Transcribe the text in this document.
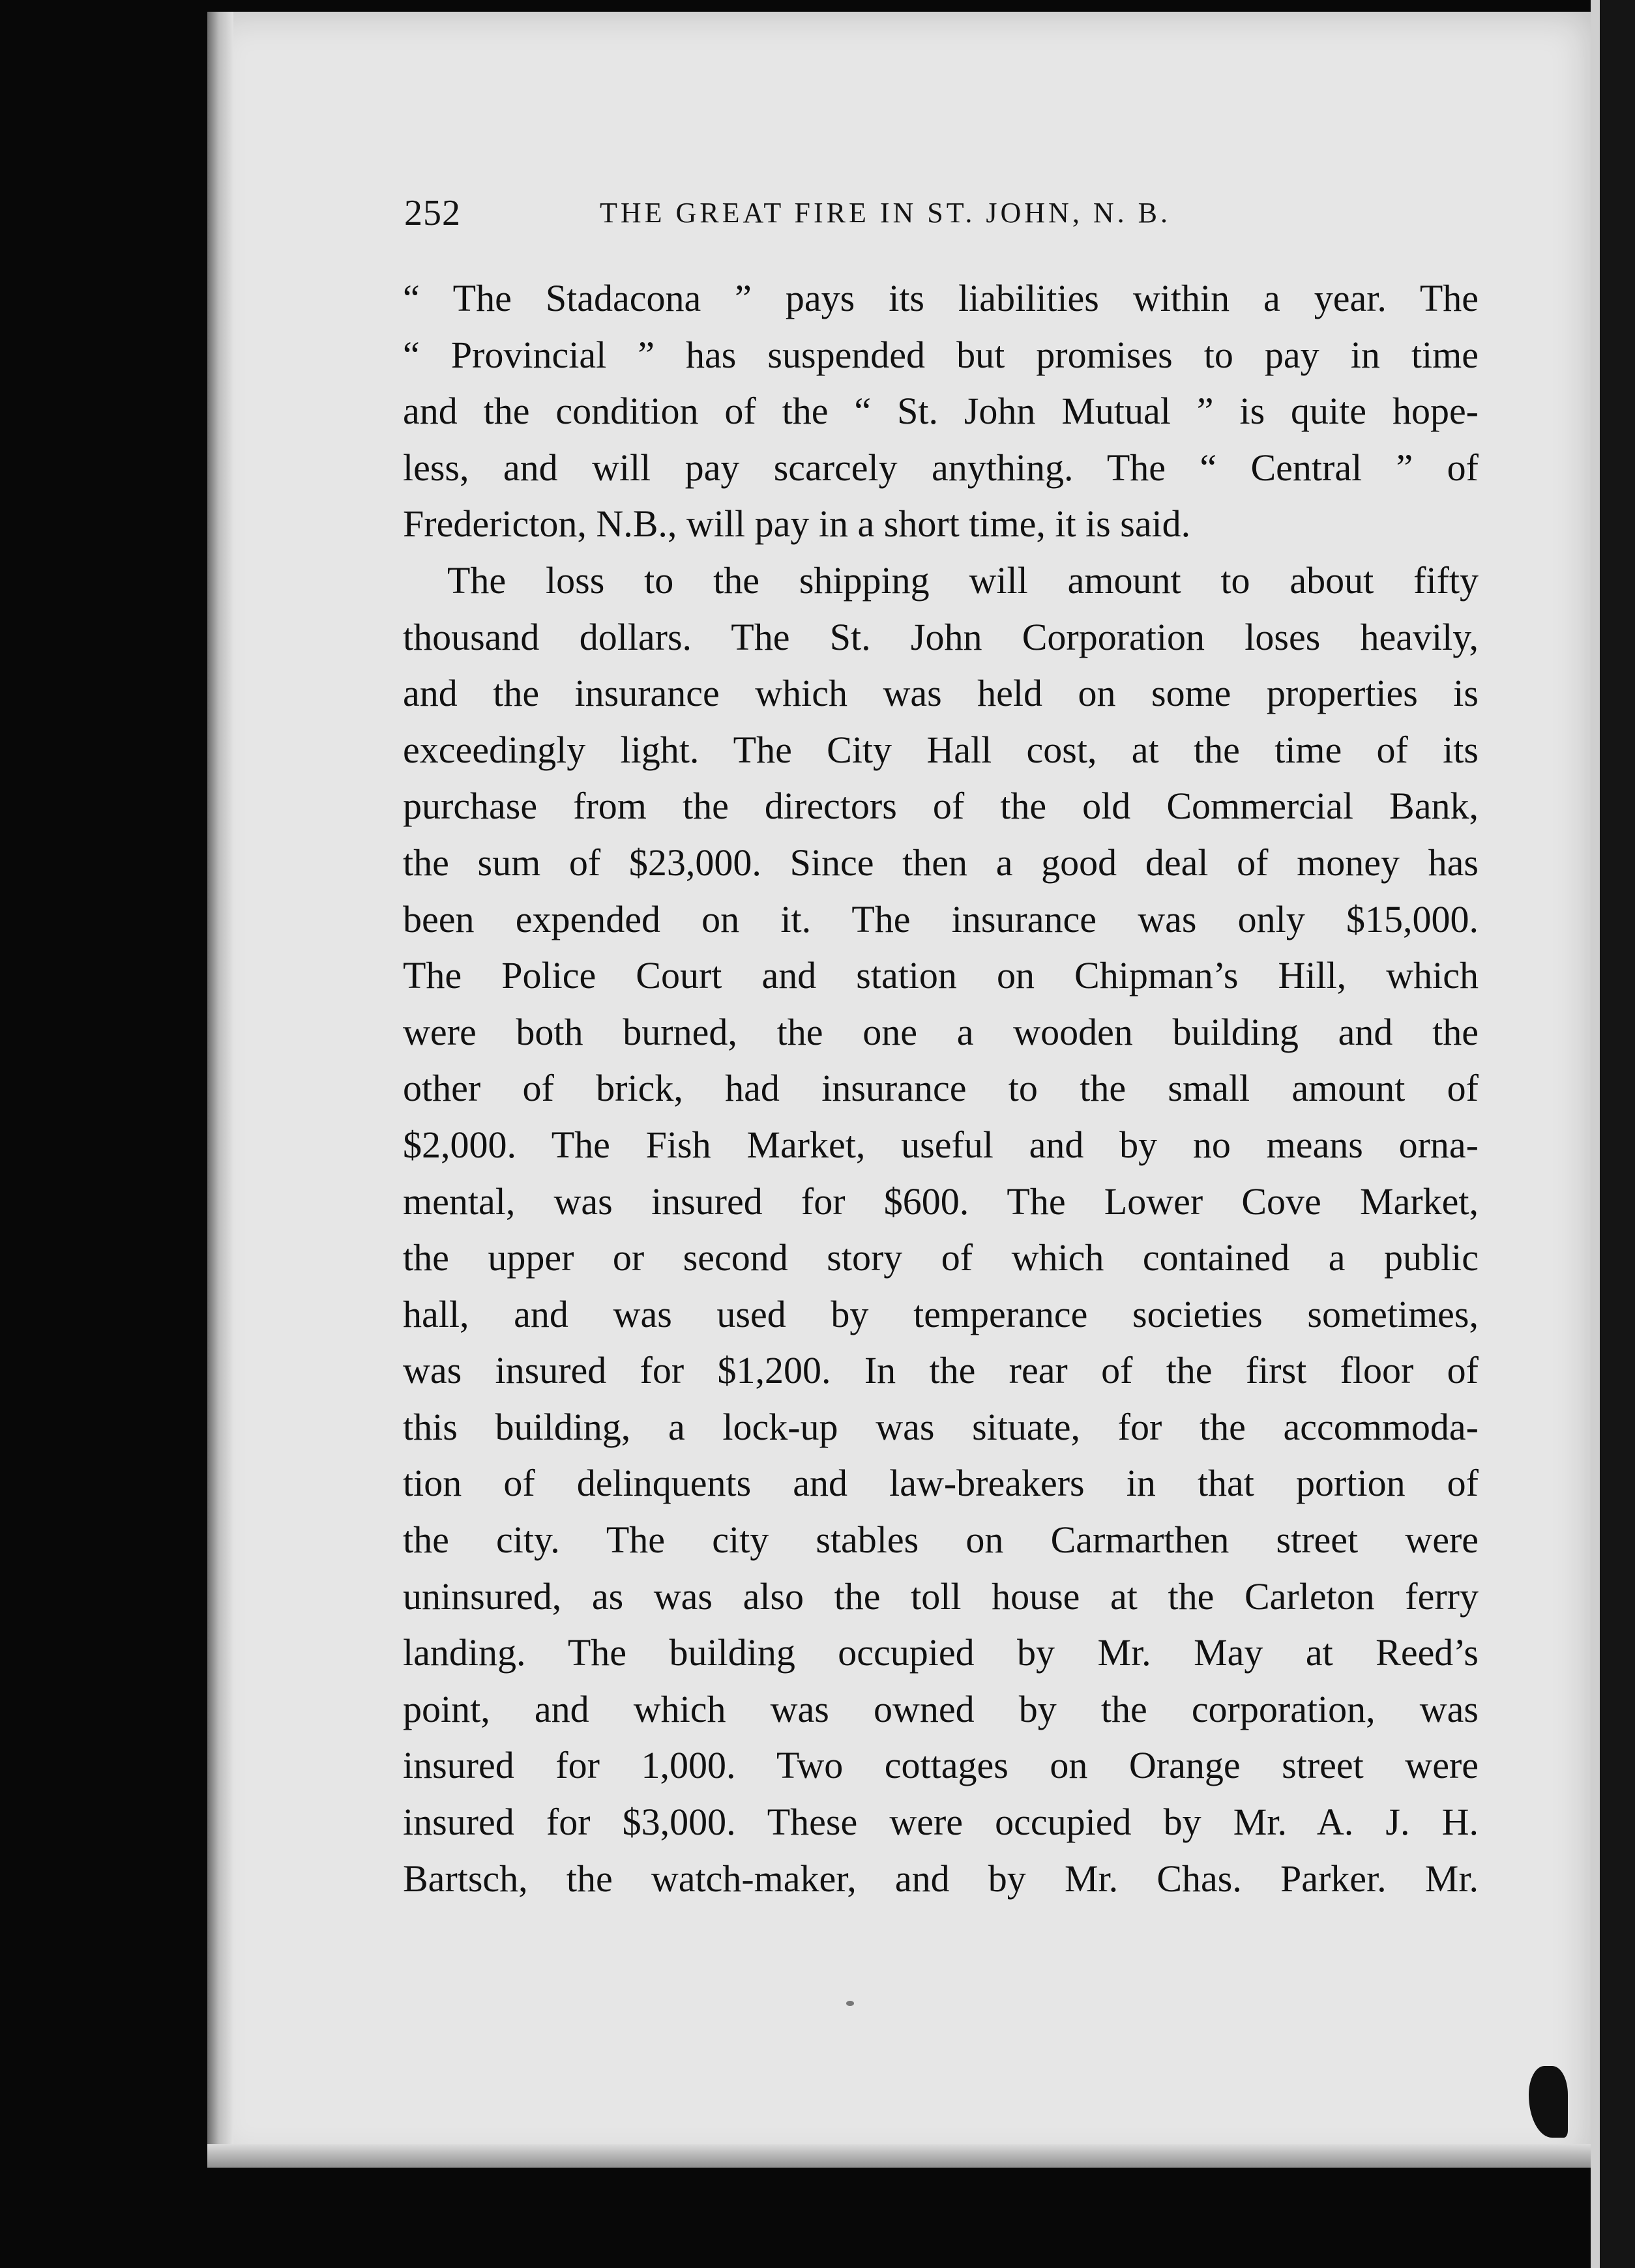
252	THE GREAT FIRE IN ST. JOHN, N. B.
“ The Stadacona ” pays its liabilities within a year. The
“ Provincial ” has suspended but promises to pay in time
and the condition of the “ St. John Mutual ” is quite hope-
less, and will pay scarcely anything. The “ Central ” of
Fredericton, N.B., will pay in a short time, it is said.
The loss to the shipping will amount to about fifty
thousand dollars. The St. John Corporation loses heavily,
and the insurance which was held on some properties is
exceedingly light. The City Hall cost, at the time of its
purchase from the directors of the old Commercial Bank,
the sum of $23,000. Since then a good deal of money has
been expended on it. The insurance was only $15,000.
The Police Court and station on Chipman’s Hill, which
were both burned, the one a wooden building and the
other of brick, had insurance to the small amount of
$2,000. The Fish Market, useful and by no means orna-
mental, was insured for $600. The Lower Cove Market,
the upper or second story of which contained a public
hall, and was used by temperance societies sometimes,
was insured for $1,200. In the rear of the first floor of
this building, a lock-up was situate, for the accommoda-
tion of delinquents and law-breakers in that portion of
the city. The city stables on Carmarthen street were
uninsured, as was also the toll house at the Carleton ferry
landing. The building occupied by Mr. May at Reed’s
point, and which was owned by the corporation, was
insured for 1,000. Two cottages on Orange street were
insured for $3,000. These were occupied by Mr. A. J. H.
Bartsch, the watch-maker, and by Mr. Chas. Parker. Mr.
